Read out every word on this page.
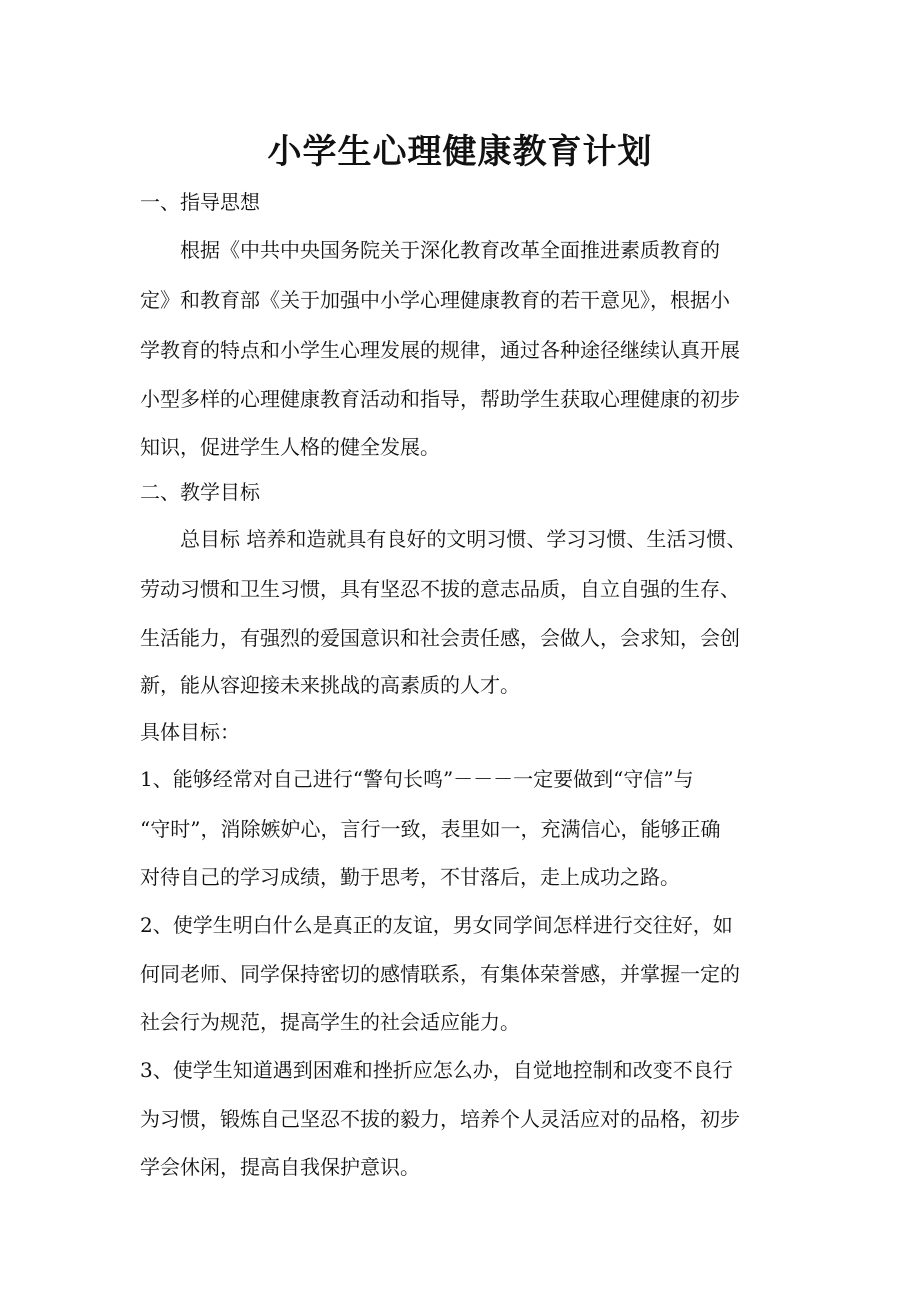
小学生心理健康教育计划
一、指导思想
　　根据《中共中央国务院关于深化教育改革全面推进素质教育的
定》和教育部《关于加强中小学心理健康教育的若干意见》，根据小
学教育的特点和小学生心理发展的规律，通过各种途径继续认真开展
小型多样的心理健康教育活动和指导，帮助学生获取心理健康的初步
知识，促进学生人格的健全发展。
二、教学目标
　　总目标 培养和造就具有良好的文明习惯、学习习惯、生活习惯、
劳动习惯和卫生习惯，具有坚忍不拔的意志品质，自立自强的生存、
生活能力，有强烈的爱国意识和社会责任感，会做人，会求知，会创
新，能从容迎接未来挑战的高素质的人才。
具体目标：
1、能够经常对自己进行“警句长鸣”－－－一定要做到“守信”与
“守时”，消除嫉妒心，言行一致，表里如一，充满信心，能够正确
对待自己的学习成绩，勤于思考，不甘落后，走上成功之路。
2、使学生明白什么是真正的友谊，男女同学间怎样进行交往好，如
何同老师、同学保持密切的感情联系，有集体荣誉感，并掌握一定的
社会行为规范，提高学生的社会适应能力。
3、使学生知道遇到困难和挫折应怎么办，自觉地控制和改变不良行
为习惯，锻炼自己坚忍不拔的毅力，培养个人灵活应对的品格，初步
学会休闲，提高自我保护意识。
